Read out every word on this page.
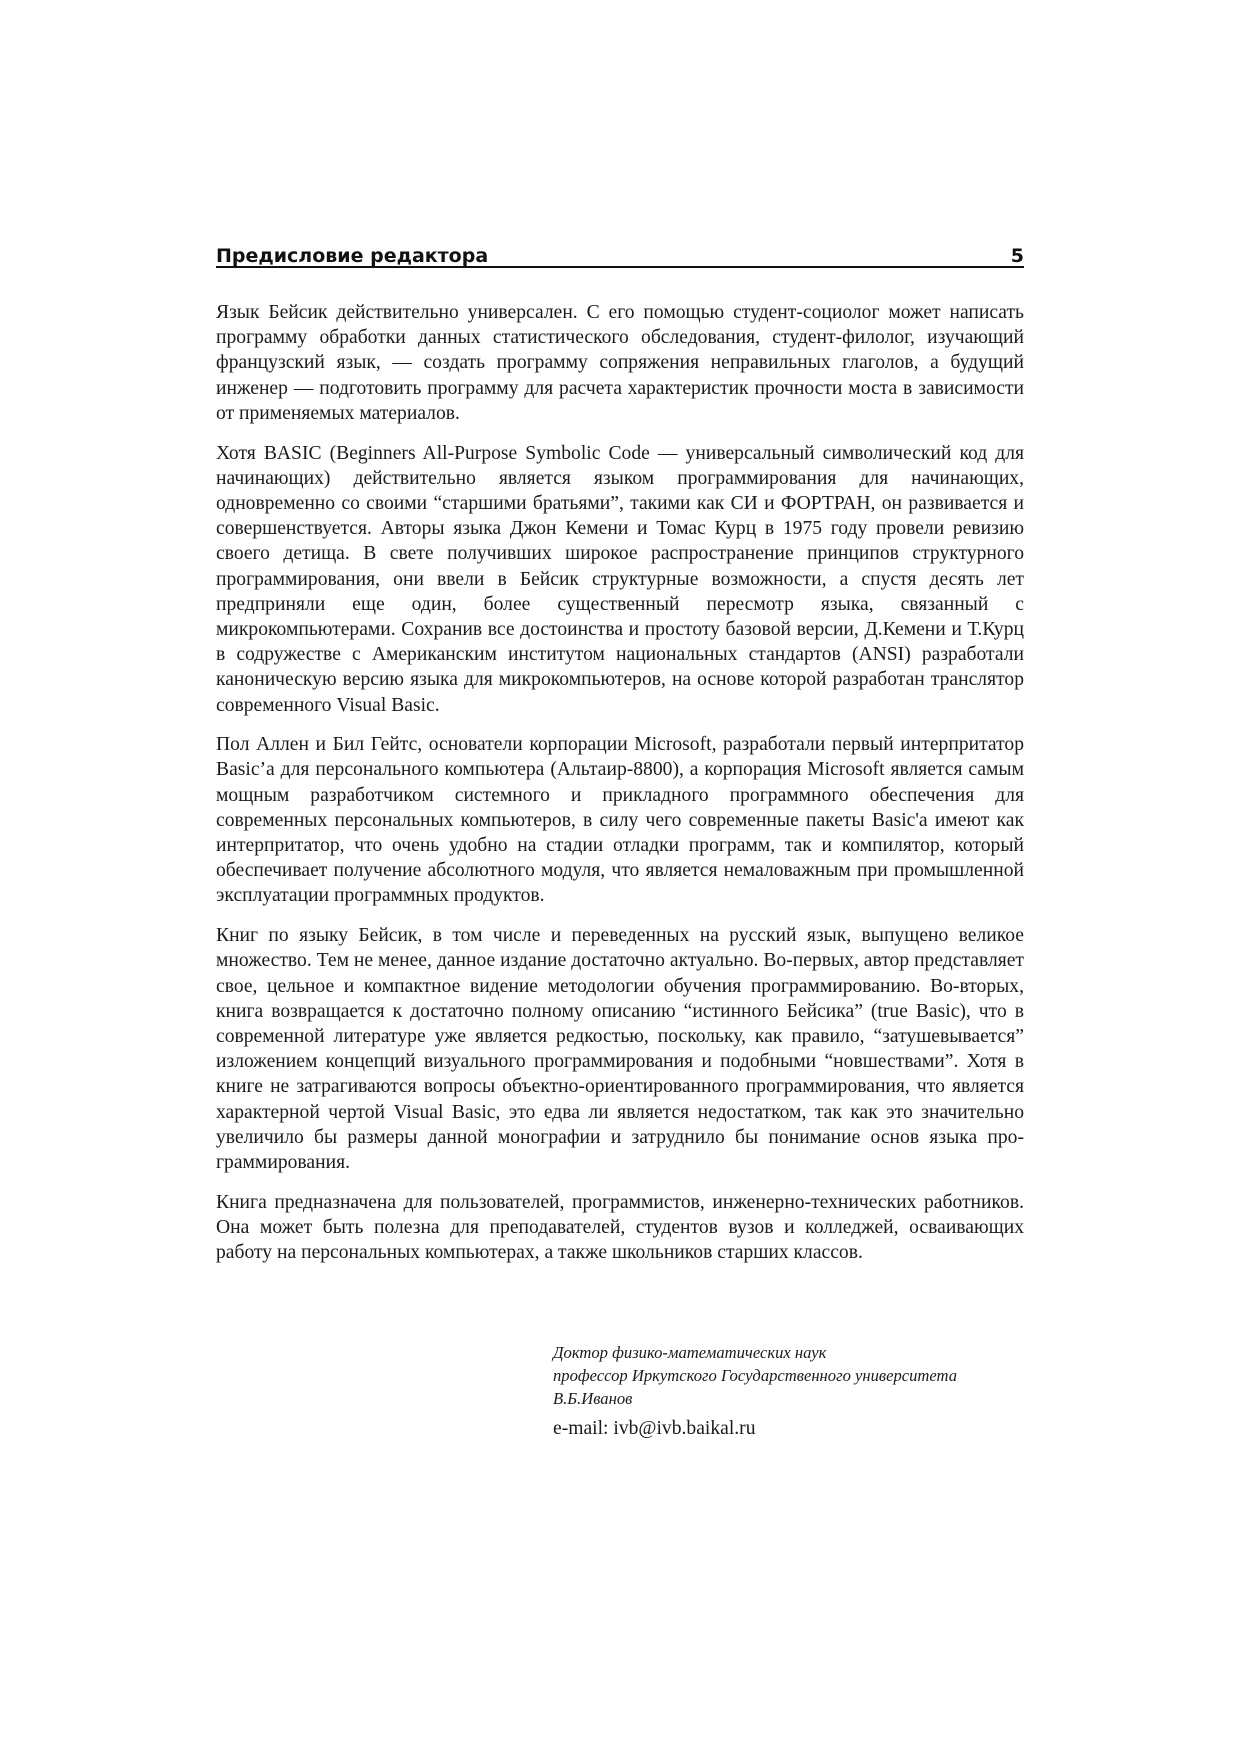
Предисловие редактора	5

Язык Бейсик действительно универсален. С его помощью студент-социолог может написать программу обработки данных статистического обследования, студент-филолог, изучающий французский язык, — создать программу сопряжения неправильных глаголов, а будущий инженер — подготовить программу для расчета характеристик прочности моста в зависимости от применяемых материалов.

Хотя BASIC (Beginners All-Purpose Symbolic Code — универсальный символический код для начинающих) действительно является языком программирования для начинающих, одновременно со своими “старшими братьями”, такими как СИ и ФОРТРАН, он развивается и совершенствуется. Авторы языка Джон Кемени и Томас Курц в 1975 году провели ревизию своего детища. В свете получивших широкое распространение принципов структурного программирования, они ввели в Бейсик структурные возможности, а спустя десять лет предприняли еще один, более существенный пересмотр языка, связанный с микрокомпьютерами. Сохранив все достоинства и простоту базовой версии, Д.Кемени и Т.Курц в содружестве с Американским институтом национальных стандартов (ANSI) разработали каноническую версию языка для микрокомпьютеров, на основе которой разработан транслятор современного Visual Basic.

Пол Аллен и Бил Гейтс, основатели корпорации Microsoft, разработали первый интерпритатор Basic’a для персонального компьютера (Альтаир-8800), а корпорация Microsoft является самым мощным разработчиком системного и прикладного программного обеспечения для современных персональных компьютеров, в силу чего современные пакеты Basic'a имеют как интерпритатор, что очень удобно на стадии отладки программ, так и компилятор, который обеспечивает получение абсолютного модуля, что является немаловажным при промышленной эксплуатации программных продуктов.

Книг по языку Бейсик, в том числе и переведенных на русский язык, выпущено великое множество. Тем не менее, данное издание достаточно актуально. Во-первых, автор представляет свое, цельное и компактное видение методологии обучения программированию. Во-вторых, книга возвращается к достаточно полному описанию “истинного Бейсика” (true Basic), что в современной литературе уже является редкостью, поскольку, как правило, “затушевывается” изложением концепций визуального программирования и подобными “новшествами”. Хотя в книге не затрагиваются вопросы объектно-ориентированного программирования, что является характерной чертой Visual Basic, это едва ли является недостатком, так как это значительно увеличило бы размеры данной монографии и затруднило бы понимание основ языка программирования.

Книга предназначена для пользователей, программистов, инженерно-технических работников. Она может быть полезна для преподавателей, студентов вузов и колледжей, осваивающих работу на персональных компьютерах, а также школьников старших классов.

Доктор физико-математических наук
профессор Иркутского Государственного университета
В.Б.Иванов
e-mail: ivb@ivb.baikal.ru
